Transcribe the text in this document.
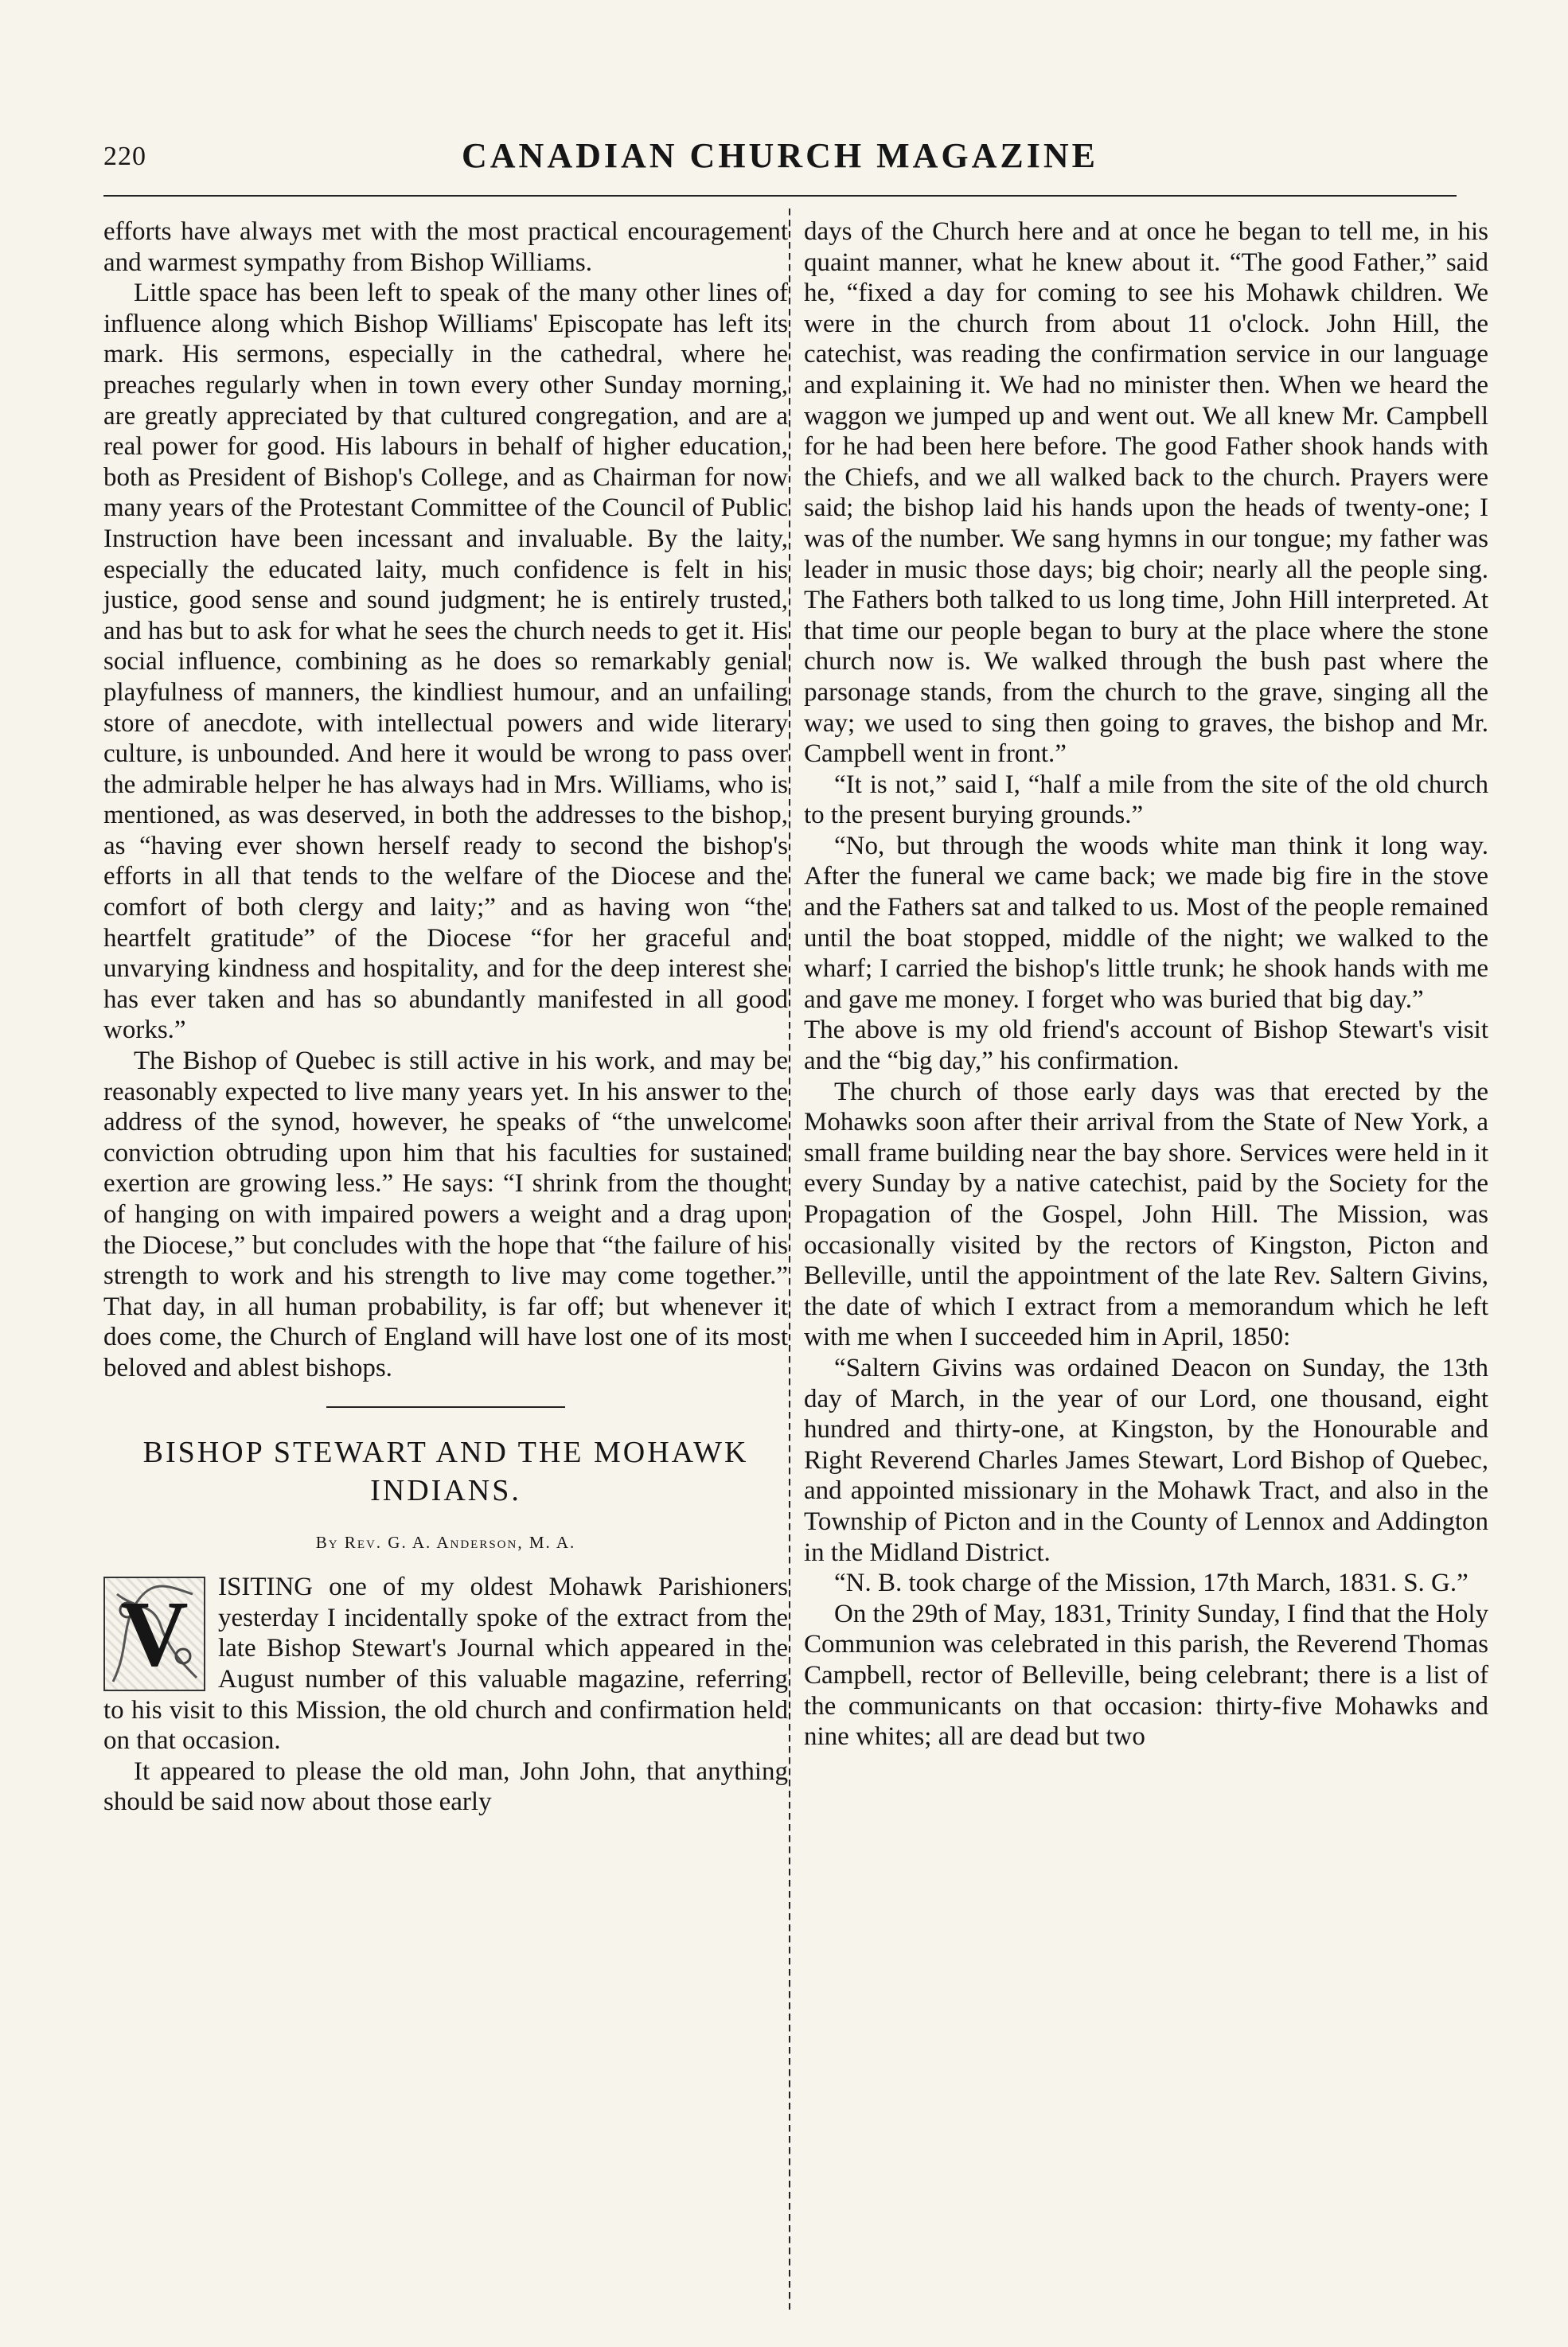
220	CANADIAN CHURCH MAGAZINE

efforts have always met with the most practical encouragement and warmest sympathy from Bishop Williams.

Little space has been left to speak of the many other lines of influence along which Bishop Williams' Episcopate has left its mark. His sermons, especially in the cathedral, where he preaches regularly when in town every other Sunday morning, are greatly appreciated by that cultured congregation, and are a real power for good. His labours in behalf of higher education, both as President of Bishop's College, and as Chairman for now many years of the Protestant Committee of the Council of Public Instruction have been incessant and invaluable. By the laity, especially the educated laity, much confidence is felt in his justice, good sense and sound judgment; he is entirely trusted, and has but to ask for what he sees the church needs to get it. His social influence, combining as he does so remarkably genial playfulness of manners, the kindliest humour, and an unfailing store of anecdote, with intellectual powers and wide literary culture, is unbounded. And here it would be wrong to pass over the admirable helper he has always had in Mrs. Williams, who is mentioned, as was deserved, in both the addresses to the bishop, as “having ever shown herself ready to second the bishop's efforts in all that tends to the welfare of the Diocese and the comfort of both clergy and laity;” and as having won “the heartfelt gratitude” of the Diocese “for her graceful and unvarying kindness and hospitality, and for the deep interest she has ever taken and has so abundantly manifested in all good works.”

The Bishop of Quebec is still active in his work, and may be reasonably expected to live many years yet. In his answer to the address of the synod, however, he speaks of “the unwelcome conviction obtruding upon him that his faculties for sustained exertion are growing less.” He says: “I shrink from the thought of hanging on with impaired powers a weight and a drag upon the Diocese,” but concludes with the hope that “the failure of his strength to work and his strength to live may come together.” That day, in all human probability, is far off; but whenever it does come, the Church of England will have lost one of its most beloved and ablest bishops.

BISHOP STEWART AND THE MOHAWK INDIANS.
By Rev. G. A. Anderson, M. A.

V ISITING one of my oldest Mohawk Parishioners yesterday I incidentally spoke of the extract from the late Bishop Stewart's Journal which appeared in the August number of this valuable magazine, referring to his visit to this Mission, the old church and confirmation held on that occasion.

It appeared to please the old man, John John, that anything should be said now about those early

days of the Church here and at once he began to tell me, in his quaint manner, what he knew about it. “The good Father,” said he, “fixed a day for coming to see his Mohawk children. We were in the church from about 11 o'clock. John Hill, the catechist, was reading the confirmation service in our language and explaining it. We had no minister then. When we heard the waggon we jumped up and went out. We all knew Mr. Campbell for he had been here before. The good Father shook hands with the Chiefs, and we all walked back to the church. Prayers were said; the bishop laid his hands upon the heads of twenty-one; I was of the number. We sang hymns in our tongue; my father was leader in music those days; big choir; nearly all the people sing. The Fathers both talked to us long time, John Hill interpreted. At that time our people began to bury at the place where the stone church now is. We walked through the bush past where the parsonage stands, from the church to the grave, singing all the way; we used to sing then going to graves, the bishop and Mr. Campbell went in front.”

“It is not,” said I, “half a mile from the site of the old church to the present burying grounds.”

“No, but through the woods white man think it long way. After the funeral we came back; we made big fire in the stove and the Fathers sat and talked to us. Most of the people remained until the boat stopped, middle of the night; we walked to the wharf; I carried the bishop's little trunk; he shook hands with me and gave me money. I forget who was buried that big day.”

The above is my old friend's account of Bishop Stewart's visit and the “big day,” his confirmation.

The church of those early days was that erected by the Mohawks soon after their arrival from the State of New York, a small frame building near the bay shore. Services were held in it every Sunday by a native catechist, paid by the Society for the Propagation of the Gospel, John Hill. The Mission, was occasionally visited by the rectors of Kingston, Picton and Belleville, until the appointment of the late Rev. Saltern Givins, the date of which I extract from a memorandum which he left with me when I succeeded him in April, 1850:

“Saltern Givins was ordained Deacon on Sunday, the 13th day of March, in the year of our Lord, one thousand, eight hundred and thirty-one, at Kingston, by the Honourable and Right Reverend Charles James Stewart, Lord Bishop of Quebec, and appointed missionary in the Mohawk Tract, and also in the Township of Picton and in the County of Lennox and Addington in the Midland District.

“N. B. took charge of the Mission, 17th March, 1831. S. G.”

On the 29th of May, 1831, Trinity Sunday, I find that the Holy Communion was celebrated in this parish, the Reverend Thomas Campbell, rector of Belleville, being celebrant; there is a list of the communicants on that occasion: thirty-five Mohawks and nine whites; all are dead but two
